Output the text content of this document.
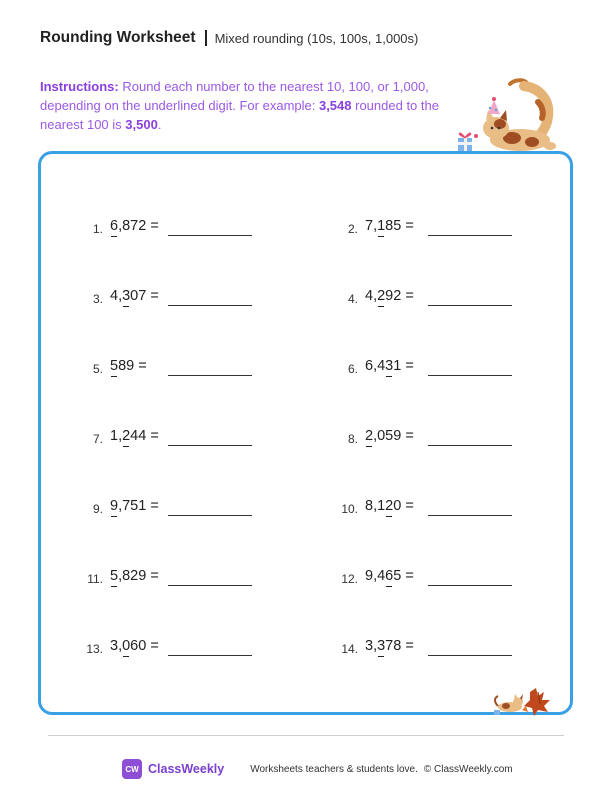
Rounding Worksheet Mixed rounding (10s, 100s, 1,000s)
Instructions: Round each number to the nearest 10, 100, or 1,000, depending on the underlined digit. For example: 3,548 rounded to the nearest 100 is 3,500.
1. 6,872 =	2. 7,185 =
3. 4,307 =	4. 4,292 =
5. 589 =	6. 6,431 =
7. 1,244 =	8. 2,059 =
9. 9,751 =	10. 8,120 =
11. 5,829 =	12. 9,465 =
13. 3,060 =	14. 3,378 =
CW ClassWeekly	Worksheets teachers & students love. © ClassWeekly.com
